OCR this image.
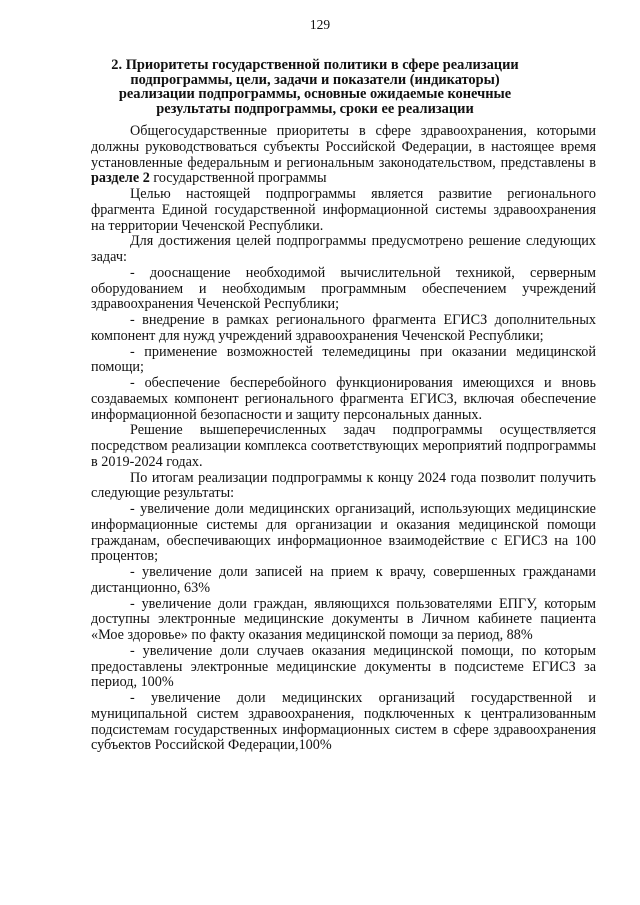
129
2. Приоритеты государственной политики в сфере реализации подпрограммы, цели, задачи и показатели (индикаторы) реализации подпрограммы, основные ожидаемые конечные результаты подпрограммы, сроки ее реализации

Общегосударственные приоритеты в сфере здравоохранения, которыми должны руководствоваться субъекты Российской Федерации, в настоящее время установленные федеральным и региональным законодательством, представлены в разделе 2 государственной программы

Целью настоящей подпрограммы является развитие регионального фрагмента Единой государственной информационной системы здравоохранения на территории Чеченской Республики.

Для достижения целей подпрограммы предусмотрено решение следующих задач:

- дооснащение необходимой вычислительной техникой, серверным оборудованием и необходимым программным обеспечением учреждений здравоохранения Чеченской Республики;

- внедрение в рамках регионального фрагмента ЕГИСЗ дополнительных компонент для нужд учреждений здравоохранения Чеченской Республики;

- применение возможностей телемедицины при оказании медицинской помощи;

- обеспечение бесперебойного функционирования имеющихся и вновь создаваемых компонент регионального фрагмента ЕГИСЗ, включая обеспечение информационной безопасности и защиту персональных данных.

Решение вышеперечисленных задач подпрограммы осуществляется посредством реализации комплекса соответствующих мероприятий подпрограммы в 2019-2024 годах.

По итогам реализации подпрограммы к концу 2024 года позволит получить следующие результаты:

- увеличение доли медицинских организаций, использующих медицинские информационные системы для организации и оказания медицинской помощи гражданам, обеспечивающих информационное взаимодействие с ЕГИСЗ на 100 процентов;

- увеличение доли записей на прием к врачу, совершенных гражданами дистанционно, 63%

- увеличение доли граждан, являющихся пользователями ЕПГУ, которым доступны электронные медицинские документы в Личном кабинете пациента «Мое здоровье» по факту оказания медицинской помощи за период, 88%

- увеличение доли случаев оказания медицинской помощи, по которым предоставлены электронные медицинские документы в подсистеме ЕГИСЗ за период, 100%

- увеличение доли медицинских организаций государственной и муниципальной систем здравоохранения, подключенных к централизованным подсистемам государственных информационных систем в сфере здравоохранения субъектов Российской Федерации,100%
